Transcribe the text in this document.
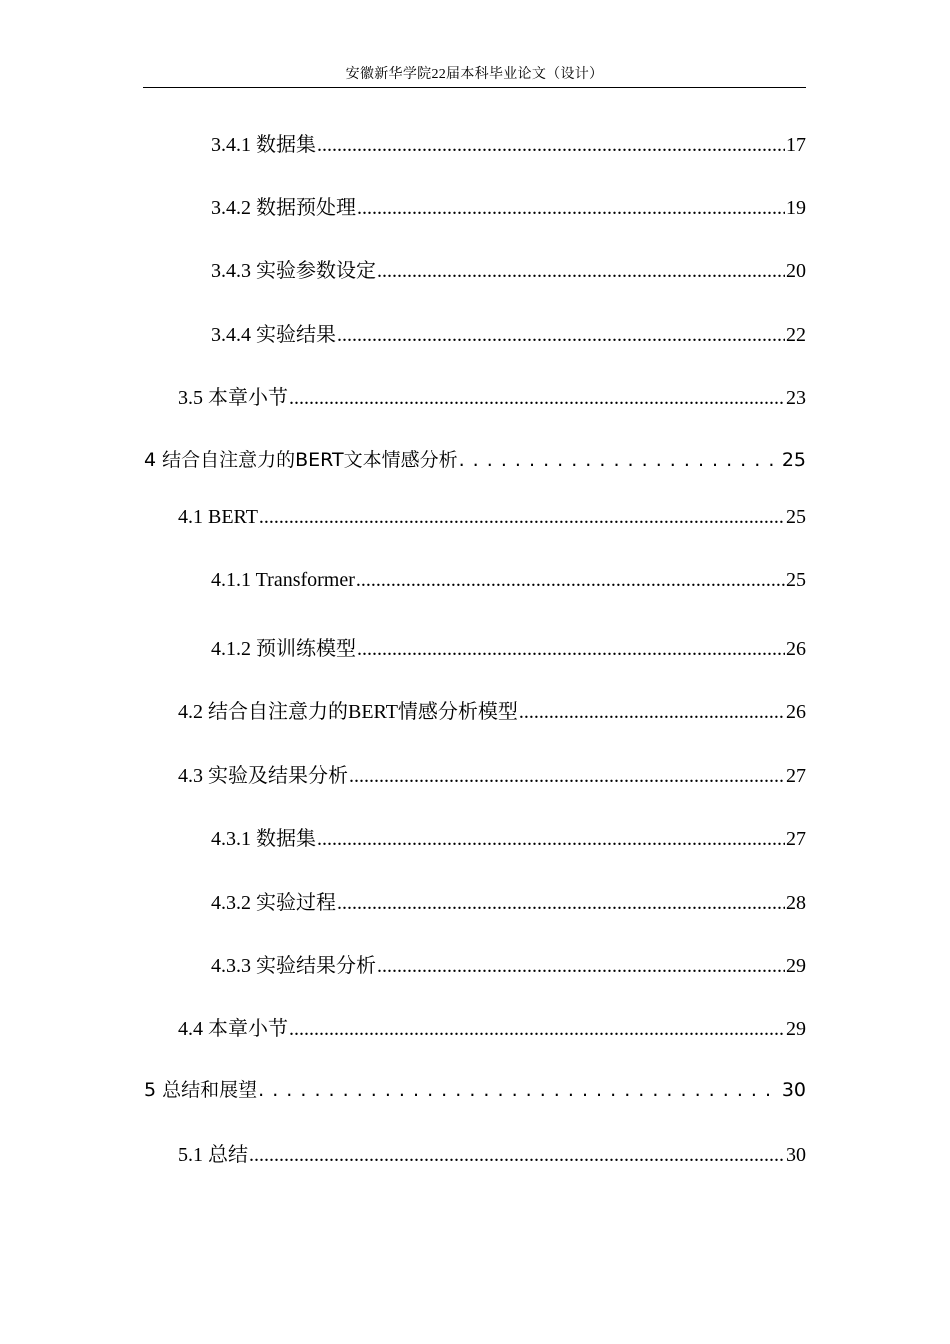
安徽新华学院22届本科毕业论文（设计）
3.4.1 数据集 .....	17
3.4.2 数据预处理 .....	19
3.4.3 实验参数设定 .....	20
3.4.4 实验结果 .....	22
3.5 本章小节 .....	23
4 结合自注意力的BERT文本情感分析 . . .	25
4.1 BERT .....	25
4.1.1 Transformer .....	25
4.1.2 预训练模型 .....	26
4.2 结合自注意力的BERT情感分析模型 .....	26
4.3 实验及结果分析 .....	27
4.3.1 数据集 .....	27
4.3.2 实验过程 .....	28
4.3.3 实验结果分析 .....	29
4.4 本章小节 .....	29
5 总结和展望 . . .	30
5.1 总结 .....	30
